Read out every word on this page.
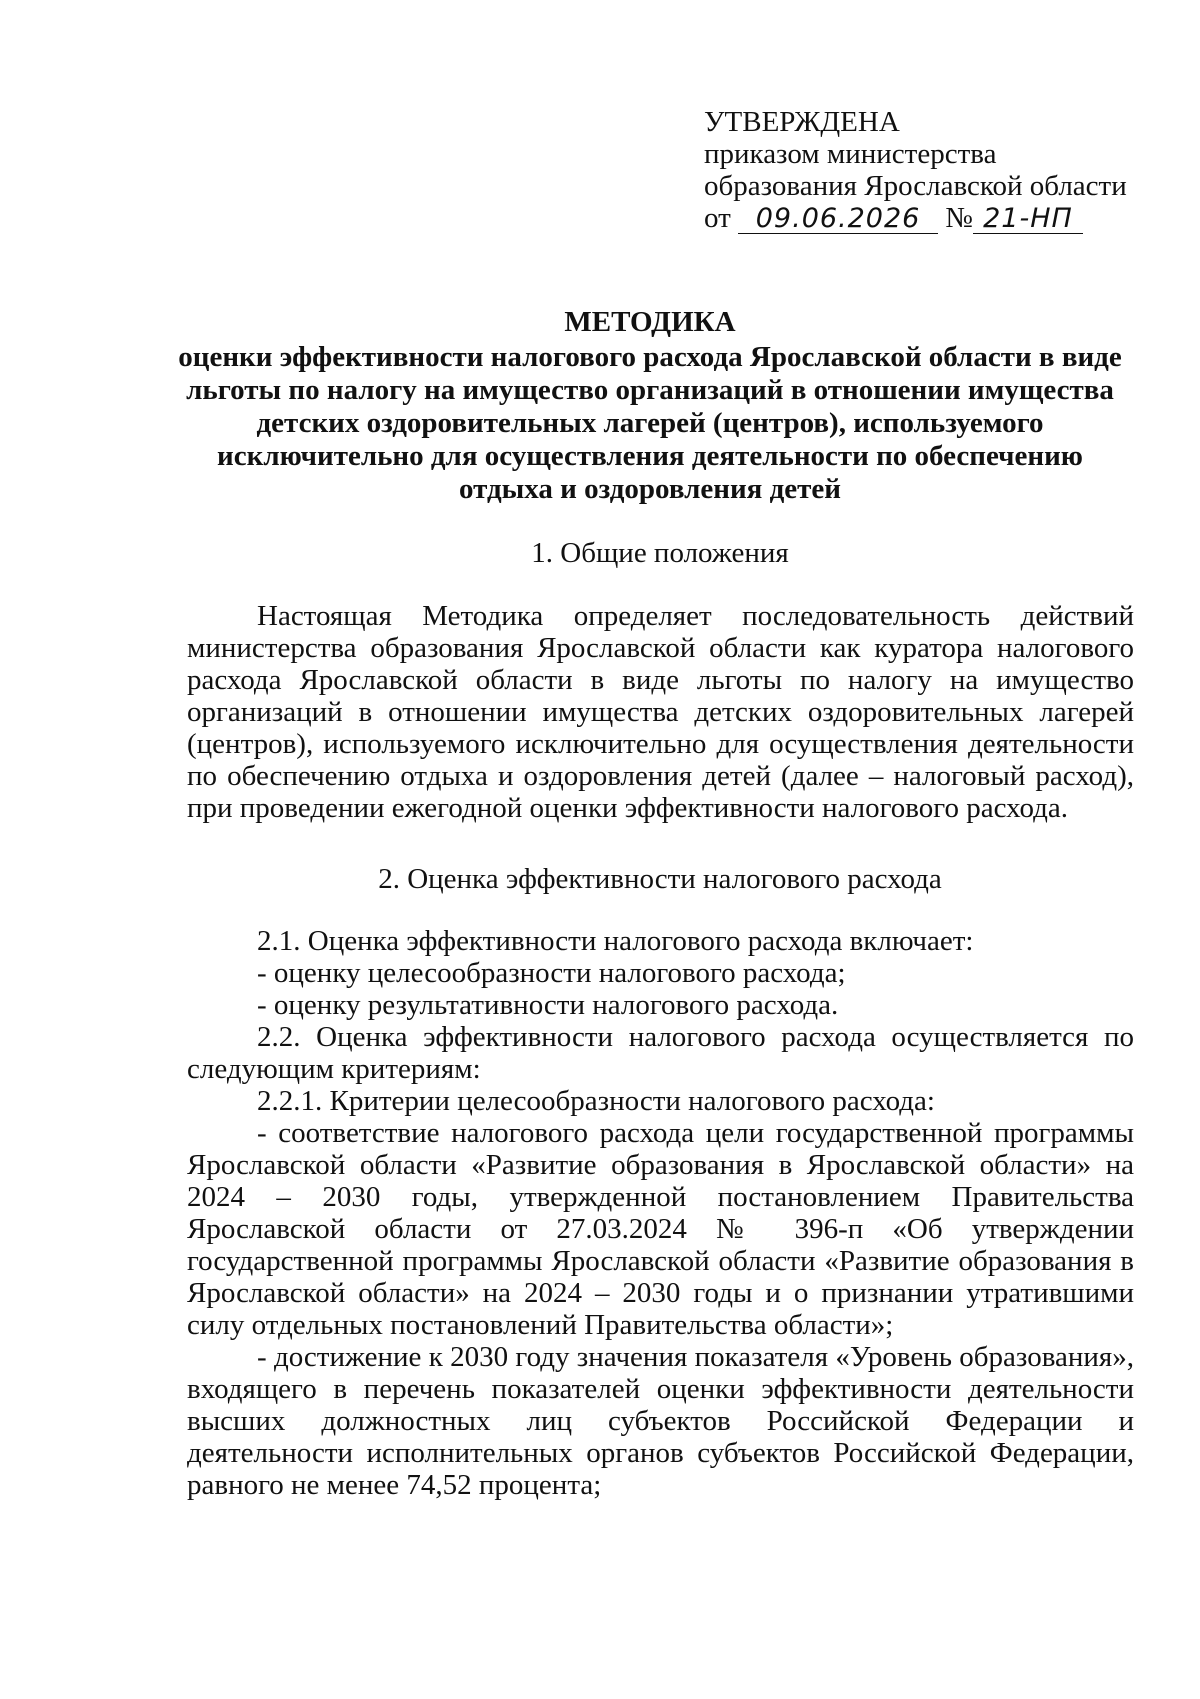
УТВЕРЖДЕНА
приказом министерства
образования Ярославской области
от 09.06.2026 № 21-НП
МЕТОДИКА
оценки эффективности налогового расхода Ярославской области в виде
льготы по налогу на имущество организаций в отношении имущества
детских оздоровительных лагерей (центров), используемого
исключительно для осуществления деятельности по обеспечению
отдыха и оздоровления детей
1. Общие положения
Настоящая Методика определяет последовательность действий министерства образования Ярославской области как куратора налогового расхода Ярославской области в виде льготы по налогу на имущество организаций в отношении имущества детских оздоровительных лагерей (центров), используемого исключительно для осуществления деятельности по обеспечению отдыха и оздоровления детей (далее – налоговый расход), при проведении ежегодной оценки эффективности налогового расхода.
2. Оценка эффективности налогового расхода
2.1. Оценка эффективности налогового расхода включает:
- оценку целесообразности налогового расхода;
- оценку результативности налогового расхода.
2.2. Оценка эффективности налогового расхода осуществляется по следующим критериям:
2.2.1. Критерии целесообразности налогового расхода:
- соответствие налогового расхода цели государственной программы Ярославской области «Развитие образования в Ярославской области» на 2024 – 2030 годы, утвержденной постановлением Правительства Ярославской области от 27.03.2024 № 396-п «Об утверждении государственной программы Ярославской области «Развитие образования в Ярославской области» на 2024 – 2030 годы и о признании утратившими силу отдельных постановлений Правительства области»;
- достижение к 2030 году значения показателя «Уровень образования», входящего в перечень показателей оценки эффективности деятельности высших должностных лиц субъектов Российской Федерации и деятельности исполнительных органов субъектов Российской Федерации, равного не менее 74,52 процента;
